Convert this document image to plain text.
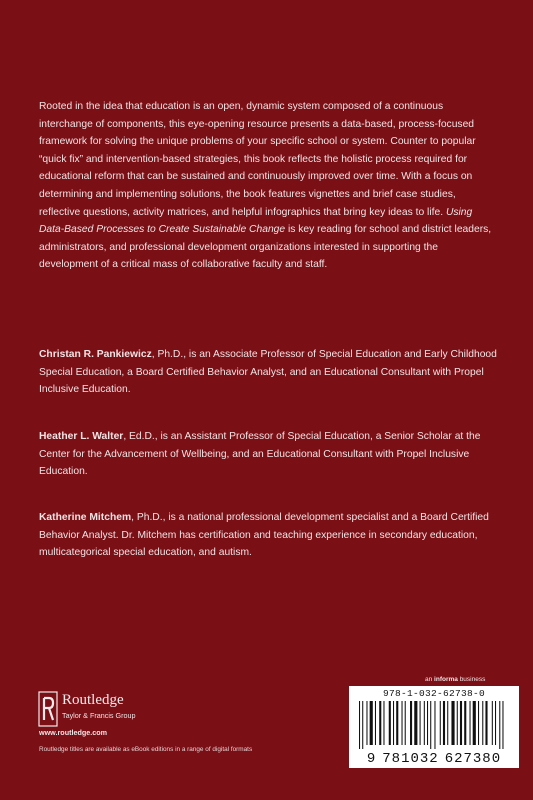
Rooted in the idea that education is an open, dynamic system composed of a continuous interchange of components, this eye-opening resource presents a data-based, process-focused framework for solving the unique problems of your specific school or system. Counter to popular “quick fix” and intervention-based strategies, this book reflects the holistic process required for educational reform that can be sustained and continuously improved over time. With a focus on determining and implementing solutions, the book features vignettes and brief case studies, reflective questions, activity matrices, and helpful infographics that bring key ideas to life. Using Data-Based Processes to Create Sustainable Change is key reading for school and district leaders, administrators, and professional development organizations interested in supporting the development of a critical mass of collaborative faculty and staff.

Christan R. Pankiewicz, Ph.D., is an Associate Professor of Special Education and Early Childhood Special Education, a Board Certified Behavior Analyst, and an Educational Consultant with Propel Inclusive Education.

Heather L. Walter, Ed.D., is an Assistant Professor of Special Education, a Senior Scholar at the Center for the Advancement of Wellbeing, and an Educational Consultant with Propel Inclusive Education.

Katherine Mitchem, Ph.D., is a national professional development specialist and a Board Certified Behavior Analyst. Dr. Mitchem has certification and teaching experience in secondary education, multicategorical special education, and autism.

an informa business
978-1-032-62738-0
9 781032 627380
Routledge
Taylor & Francis Group
www.routledge.com
Routledge titles are available as eBook editions in a range of digital formats
